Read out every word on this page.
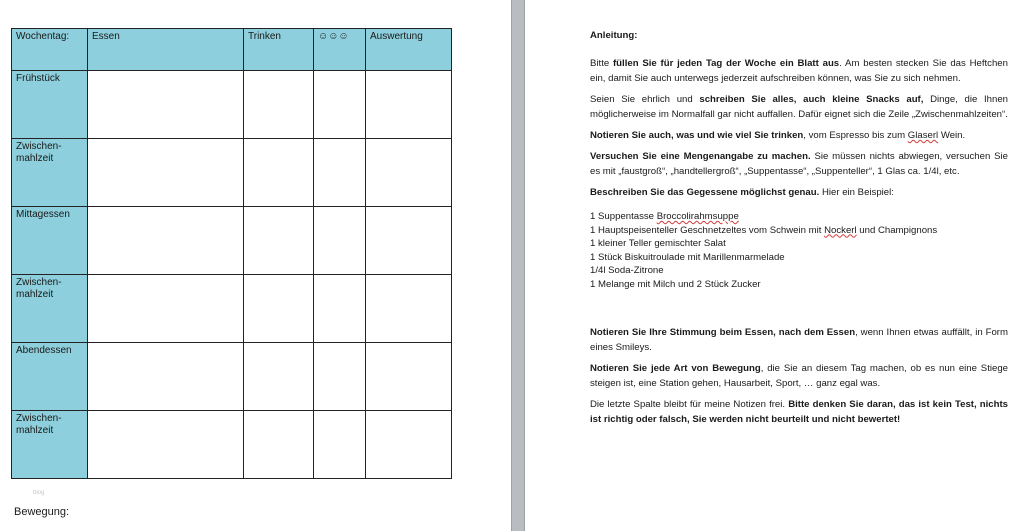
Wochentag:	Essen	Trinken	☺☺☺	Auswertung
Frühstück				
Zwischen-
mahlzeit				
Mittagessen				
Zwischen-
mahlzeit				
Abendessen				
Zwischen-
mahlzeit				
blog
Bewegung:
Anleitung:

Bitte füllen Sie für jeden Tag der Woche ein Blatt aus. Am besten stecken Sie das Heftchen ein, damit Sie auch unterwegs jederzeit aufschreiben können, was Sie zu sich nehmen.

Seien Sie ehrlich und schreiben Sie alles, auch kleine Snacks auf, Dinge, die Ihnen möglicherweise im Normalfall gar nicht auffallen. Dafür eignet sich die Zeile „Zwischenmahlzeiten“.

Notieren Sie auch, was und wie viel Sie trinken, vom Espresso bis zum Glaserl Wein.

Versuchen Sie eine Mengenangabe zu machen. Sie müssen nichts abwiegen, versuchen Sie es mit „faustgroß“, „handtellergroß“, „Suppentasse“, „Suppenteller“, 1 Glas ca. 1/4l, etc.

Beschreiben Sie das Gegessene möglichst genau. Hier ein Beispiel:

1 Suppentasse Broccolirahmsuppe
1 Hauptspeisenteller Geschnetzeltes vom Schwein mit Nockerl und Champignons
1 kleiner Teller gemischter Salat
1 Stück Biskuitroulade mit Marillenmarmelade
1/4l Soda-Zitrone
1 Melange mit Milch und 2 Stück Zucker

Notieren Sie Ihre Stimmung beim Essen, nach dem Essen, wenn Ihnen etwas auffällt, in Form eines Smileys.

Notieren Sie jede Art von Bewegung, die Sie an diesem Tag machen, ob es nun eine Stiege steigen ist, eine Station gehen, Hausarbeit, Sport, … ganz egal was.

Die letzte Spalte bleibt für meine Notizen frei. Bitte denken Sie daran, das ist kein Test, nichts ist richtig oder falsch, Sie werden nicht beurteilt und nicht bewertet!
